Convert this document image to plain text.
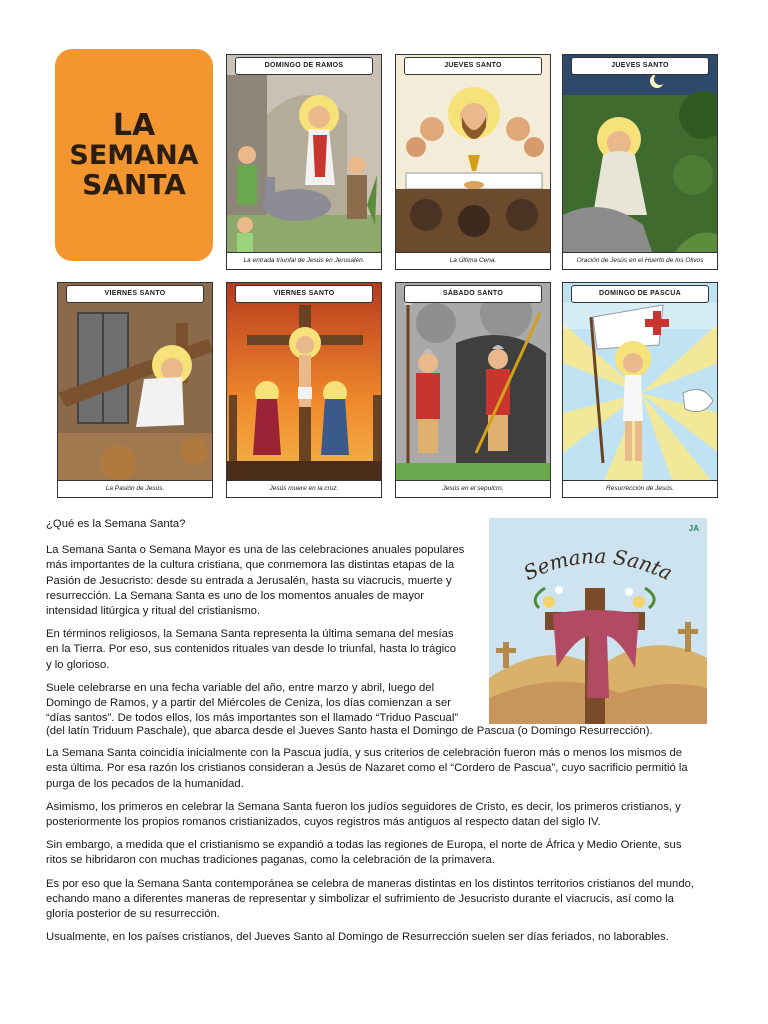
LA
SEMANA
SANTA
DOMINGO DE RAMOS
La entrada triunfal de Jesús en Jerusalén.
JUEVES SANTO
La Última Cena.
JUEVES SANTO
Oración de Jesús en el Huerto de los Olivos
VIERNES SANTO
La Pasión de Jesús.
VIERNES SANTO
Jesús muere en la cruz.
SÁBADO SANTO
Jesús en el sepulcro.
DOMINGO DE PASCUA
Resurrección de Jesús.
Semana Santa
JA

¿Qué es la Semana Santa?

La Semana Santa o Semana Mayor es una de las celebraciones anuales populares

más importantes de la cultura cristiana, que conmemora las distintas etapas de la

Pasión de Jesucristo: desde su entrada a Jerusalén, hasta su viacrucis, muerte y

resurrección. La Semana Santa es uno de los momentos anuales de mayor

intensidad litúrgica y ritual del cristianismo.

En términos religiosos, la Semana Santa representa la última semana del mesías

en la Tierra. Por eso, sus contenidos rituales van desde lo triunfal, hasta lo trágico

y lo glorioso.

Suele celebrarse en una fecha variable del año, entre marzo y abril, luego del

Domingo de Ramos, y a partir del Miércoles de Ceniza, los días comienzan a ser

“días santos”. De todos ellos, los más importantes son el llamado “Triduo Pascual”

(del latín Triduum Paschale), que abarca desde el Jueves Santo hasta el Domingo de Pascua (o Domingo Resurrección).

La Semana Santa coincidía inicialmente con la Pascua judía, y sus criterios de celebración fueron más o menos los mismos de

esta última. Por esa razón los cristianos consideran a Jesús de Nazaret como el “Cordero de Pascua”, cuyo sacrificio permitió la

purga de los pecados de la humanidad.

Asimismo, los primeros en celebrar la Semana Santa fueron los judíos seguidores de Cristo, es decir, los primeros cristianos, y

posteriormente los propios romanos cristianizados, cuyos registros más antiguos al respecto datan del siglo IV.

Sin embargo, a medida que el cristianismo se expandió a todas las regiones de Europa, el norte de África y Medio Oriente, sus

ritos se hibridaron con muchas tradiciones paganas, como la celebración de la primavera.

Es por eso que la Semana Santa contemporánea se celebra de maneras distintas en los distintos territorios cristianos del mundo,

echando mano a diferentes maneras de representar y simbolizar el sufrimiento de Jesucristo durante el viacrucis, así como la

gloria posterior de su resurrección.

Usualmente, en los países cristianos, del Jueves Santo al Domingo de Resurrección suelen ser días feriados, no laborables.
